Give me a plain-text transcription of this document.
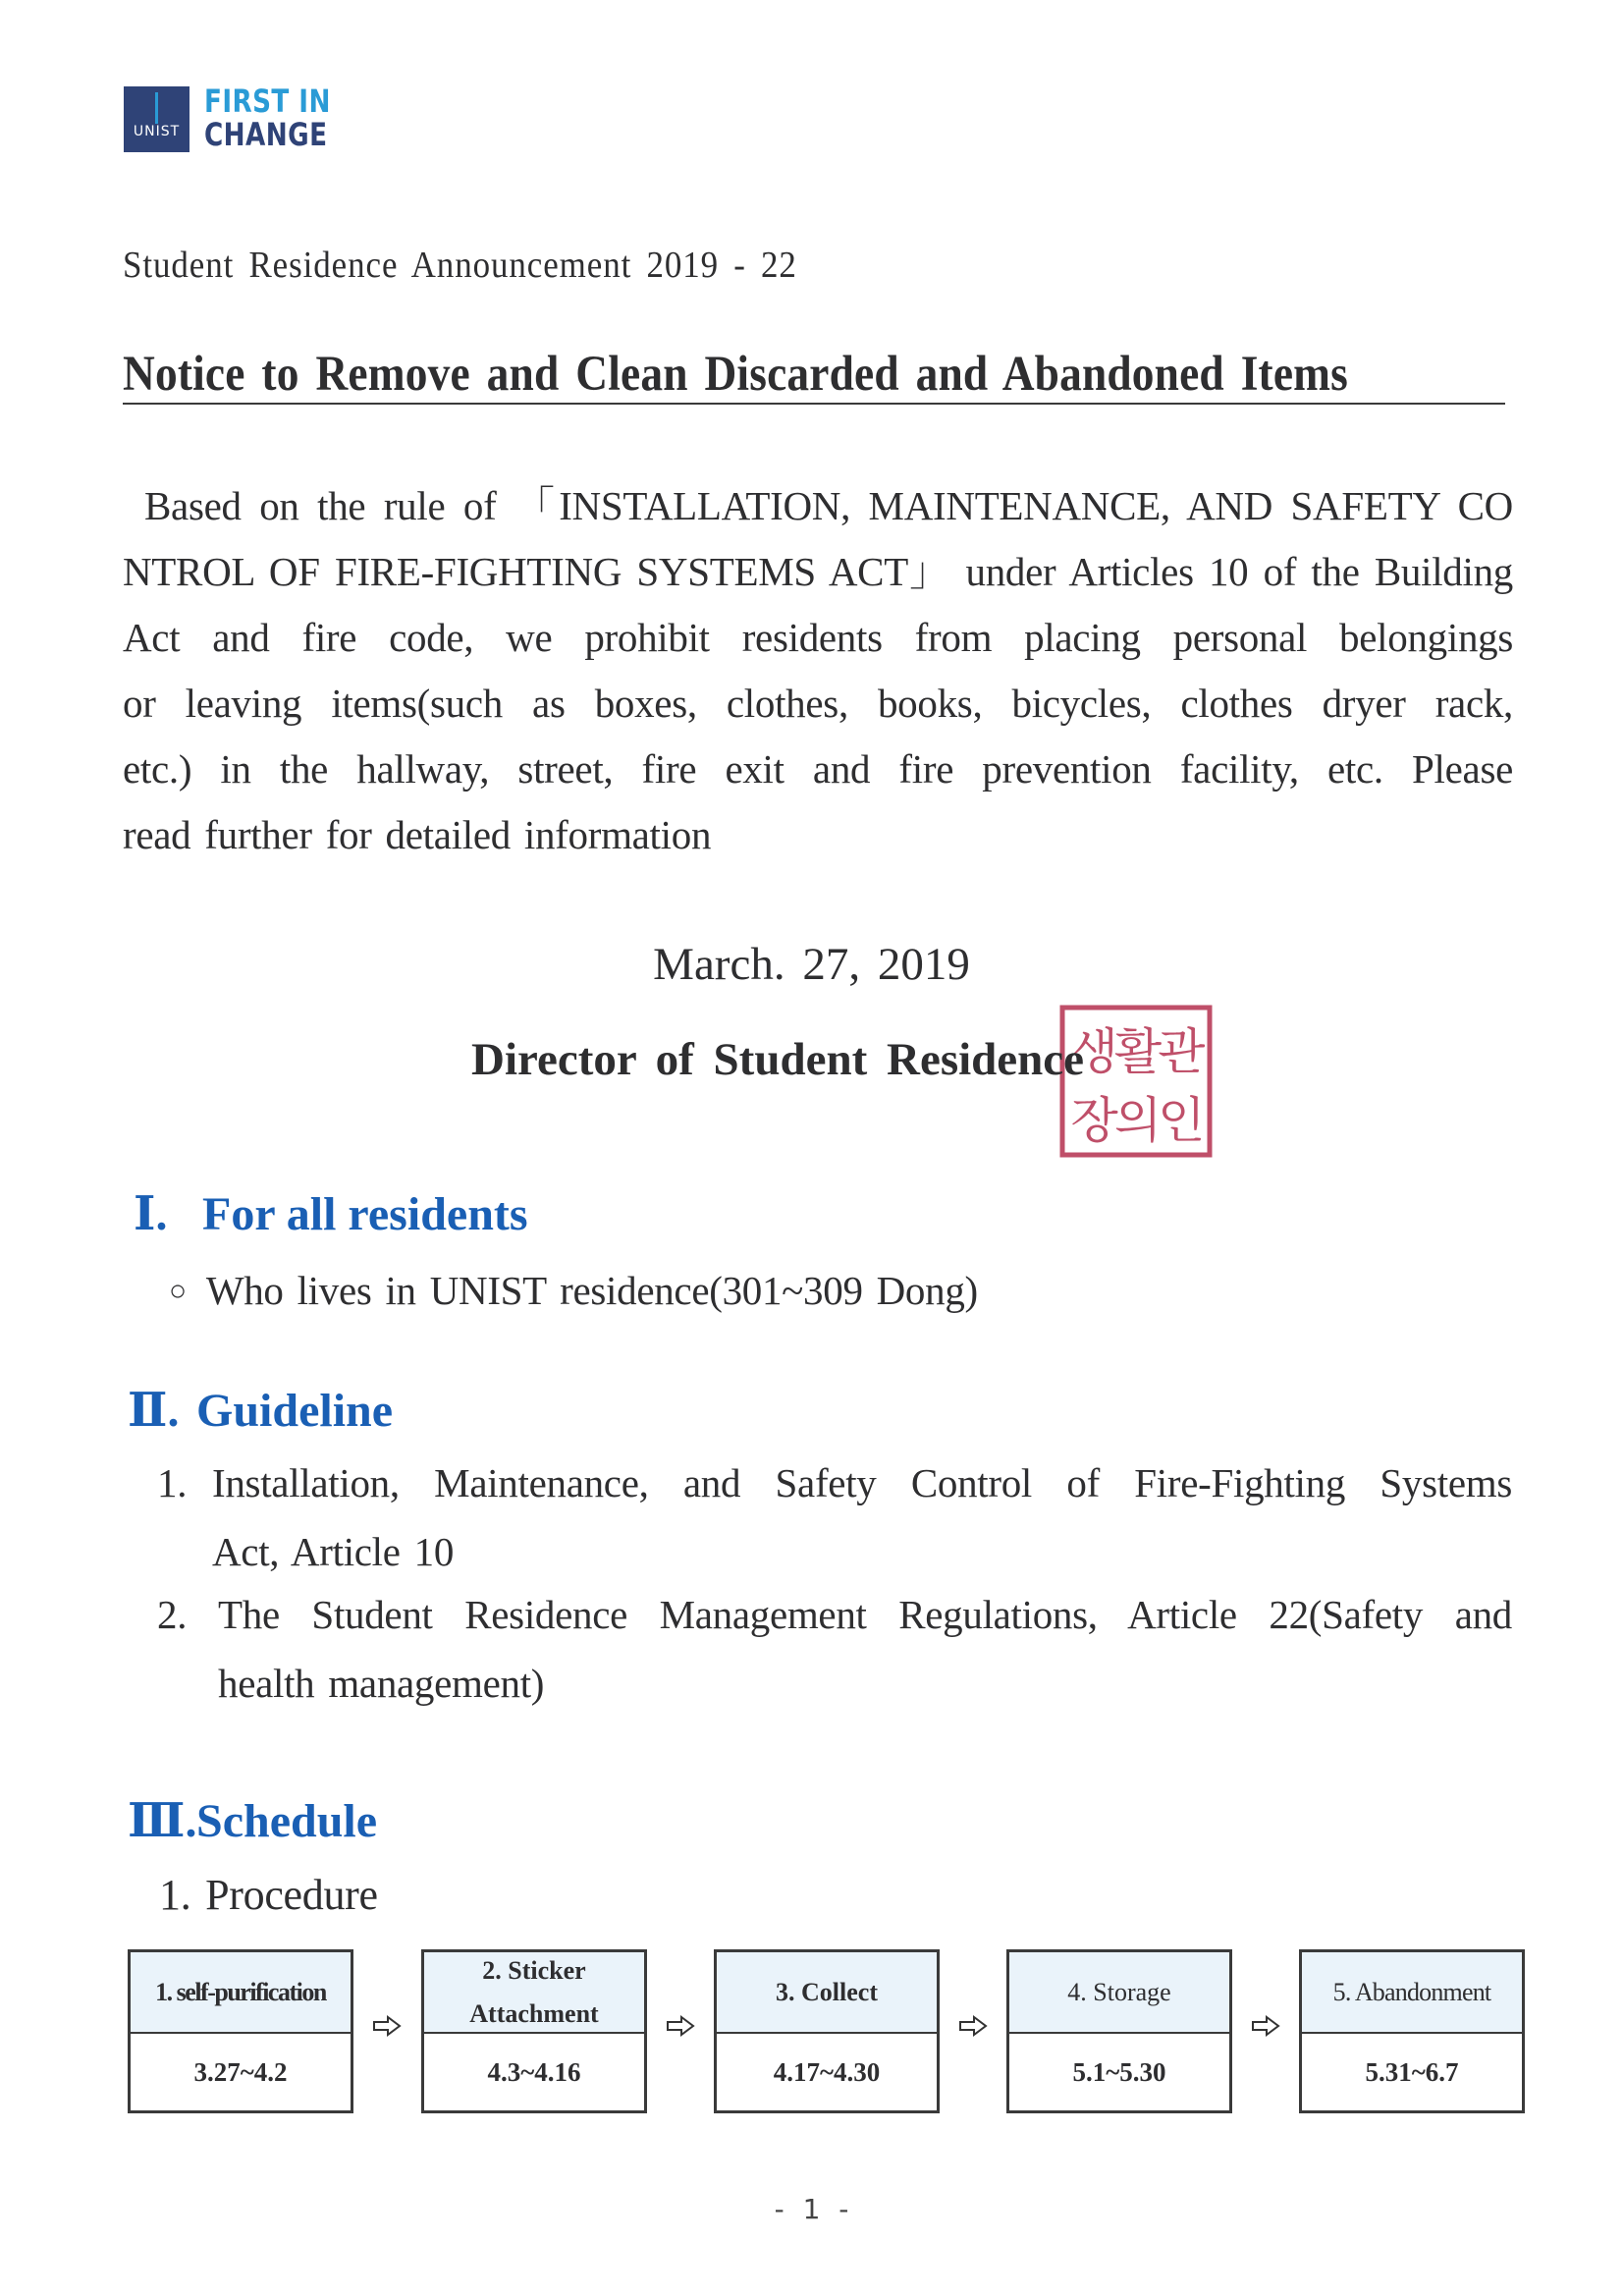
UNIST
FIRST IN
CHANGE
Student Residence Announcement 2019 - 22
Notice to Remove and Clean Discarded and Abandoned Items
Based on the rule of 「INSTALLATION, MAINTENANCE, AND SAFETY CO
NTROL OF FIRE-FIGHTING SYSTEMS ACT」 under Articles 10 of the Building
Act and fire code, we prohibit residents from placing personal belongings
or leaving items(such as boxes, clothes, books, bicycles, clothes dryer rack,
etc.) in the hallway, street, fire exit and fire prevention facility, etc. Please
read further for detailed information
March. 27, 2019
생활관
장의인
Director of Student Residence
Ⅰ. For all residents
○ Who lives in UNIST residence(301~309 Dong)
Ⅱ. Guideline
1. Installation, Maintenance, and Safety Control of Fire-Fighting Systems
Act, Article 10
2. The Student Residence Management Regulations, Article 22(Safety and
health management)
Ⅲ.Schedule
1. Procedure
1. self-purification
3.27~4.2
2. Sticker Attachment
4.3~4.16
3. Collect
4.17~4.30
4. Storage
5.1~5.30
5. Abandonment
5.31~6.7
- 1 -
